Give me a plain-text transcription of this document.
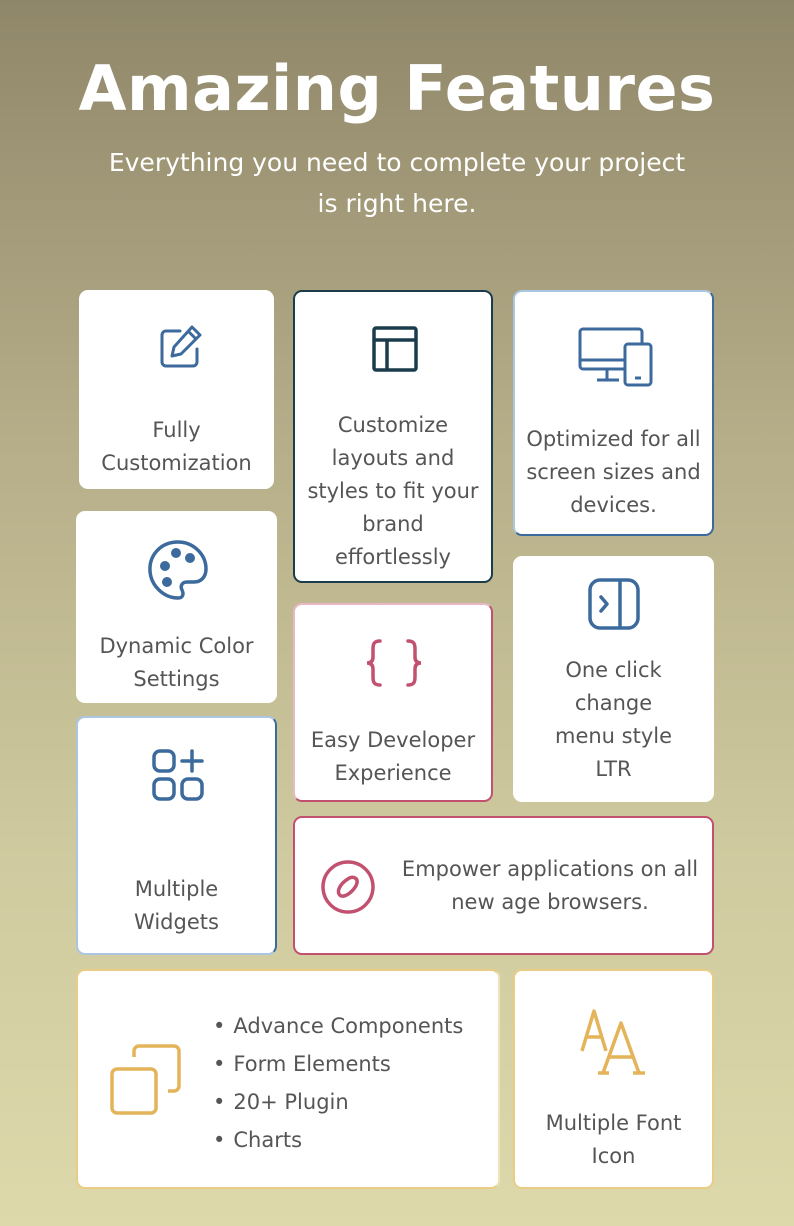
Amazing Features

Everything you need to complete your project is right here.

Fully Customization
Customize layouts and styles to fit your brand effortlessly
Optimized for all screen sizes and devices.
Dynamic Color Settings
Easy Developer Experience
One click change menu style LTR
Multiple Widgets
Empower applications on all new age browsers.
• Advance Components
• Form Elements
• 20+ Plugin
• Charts
Multiple Font Icon
